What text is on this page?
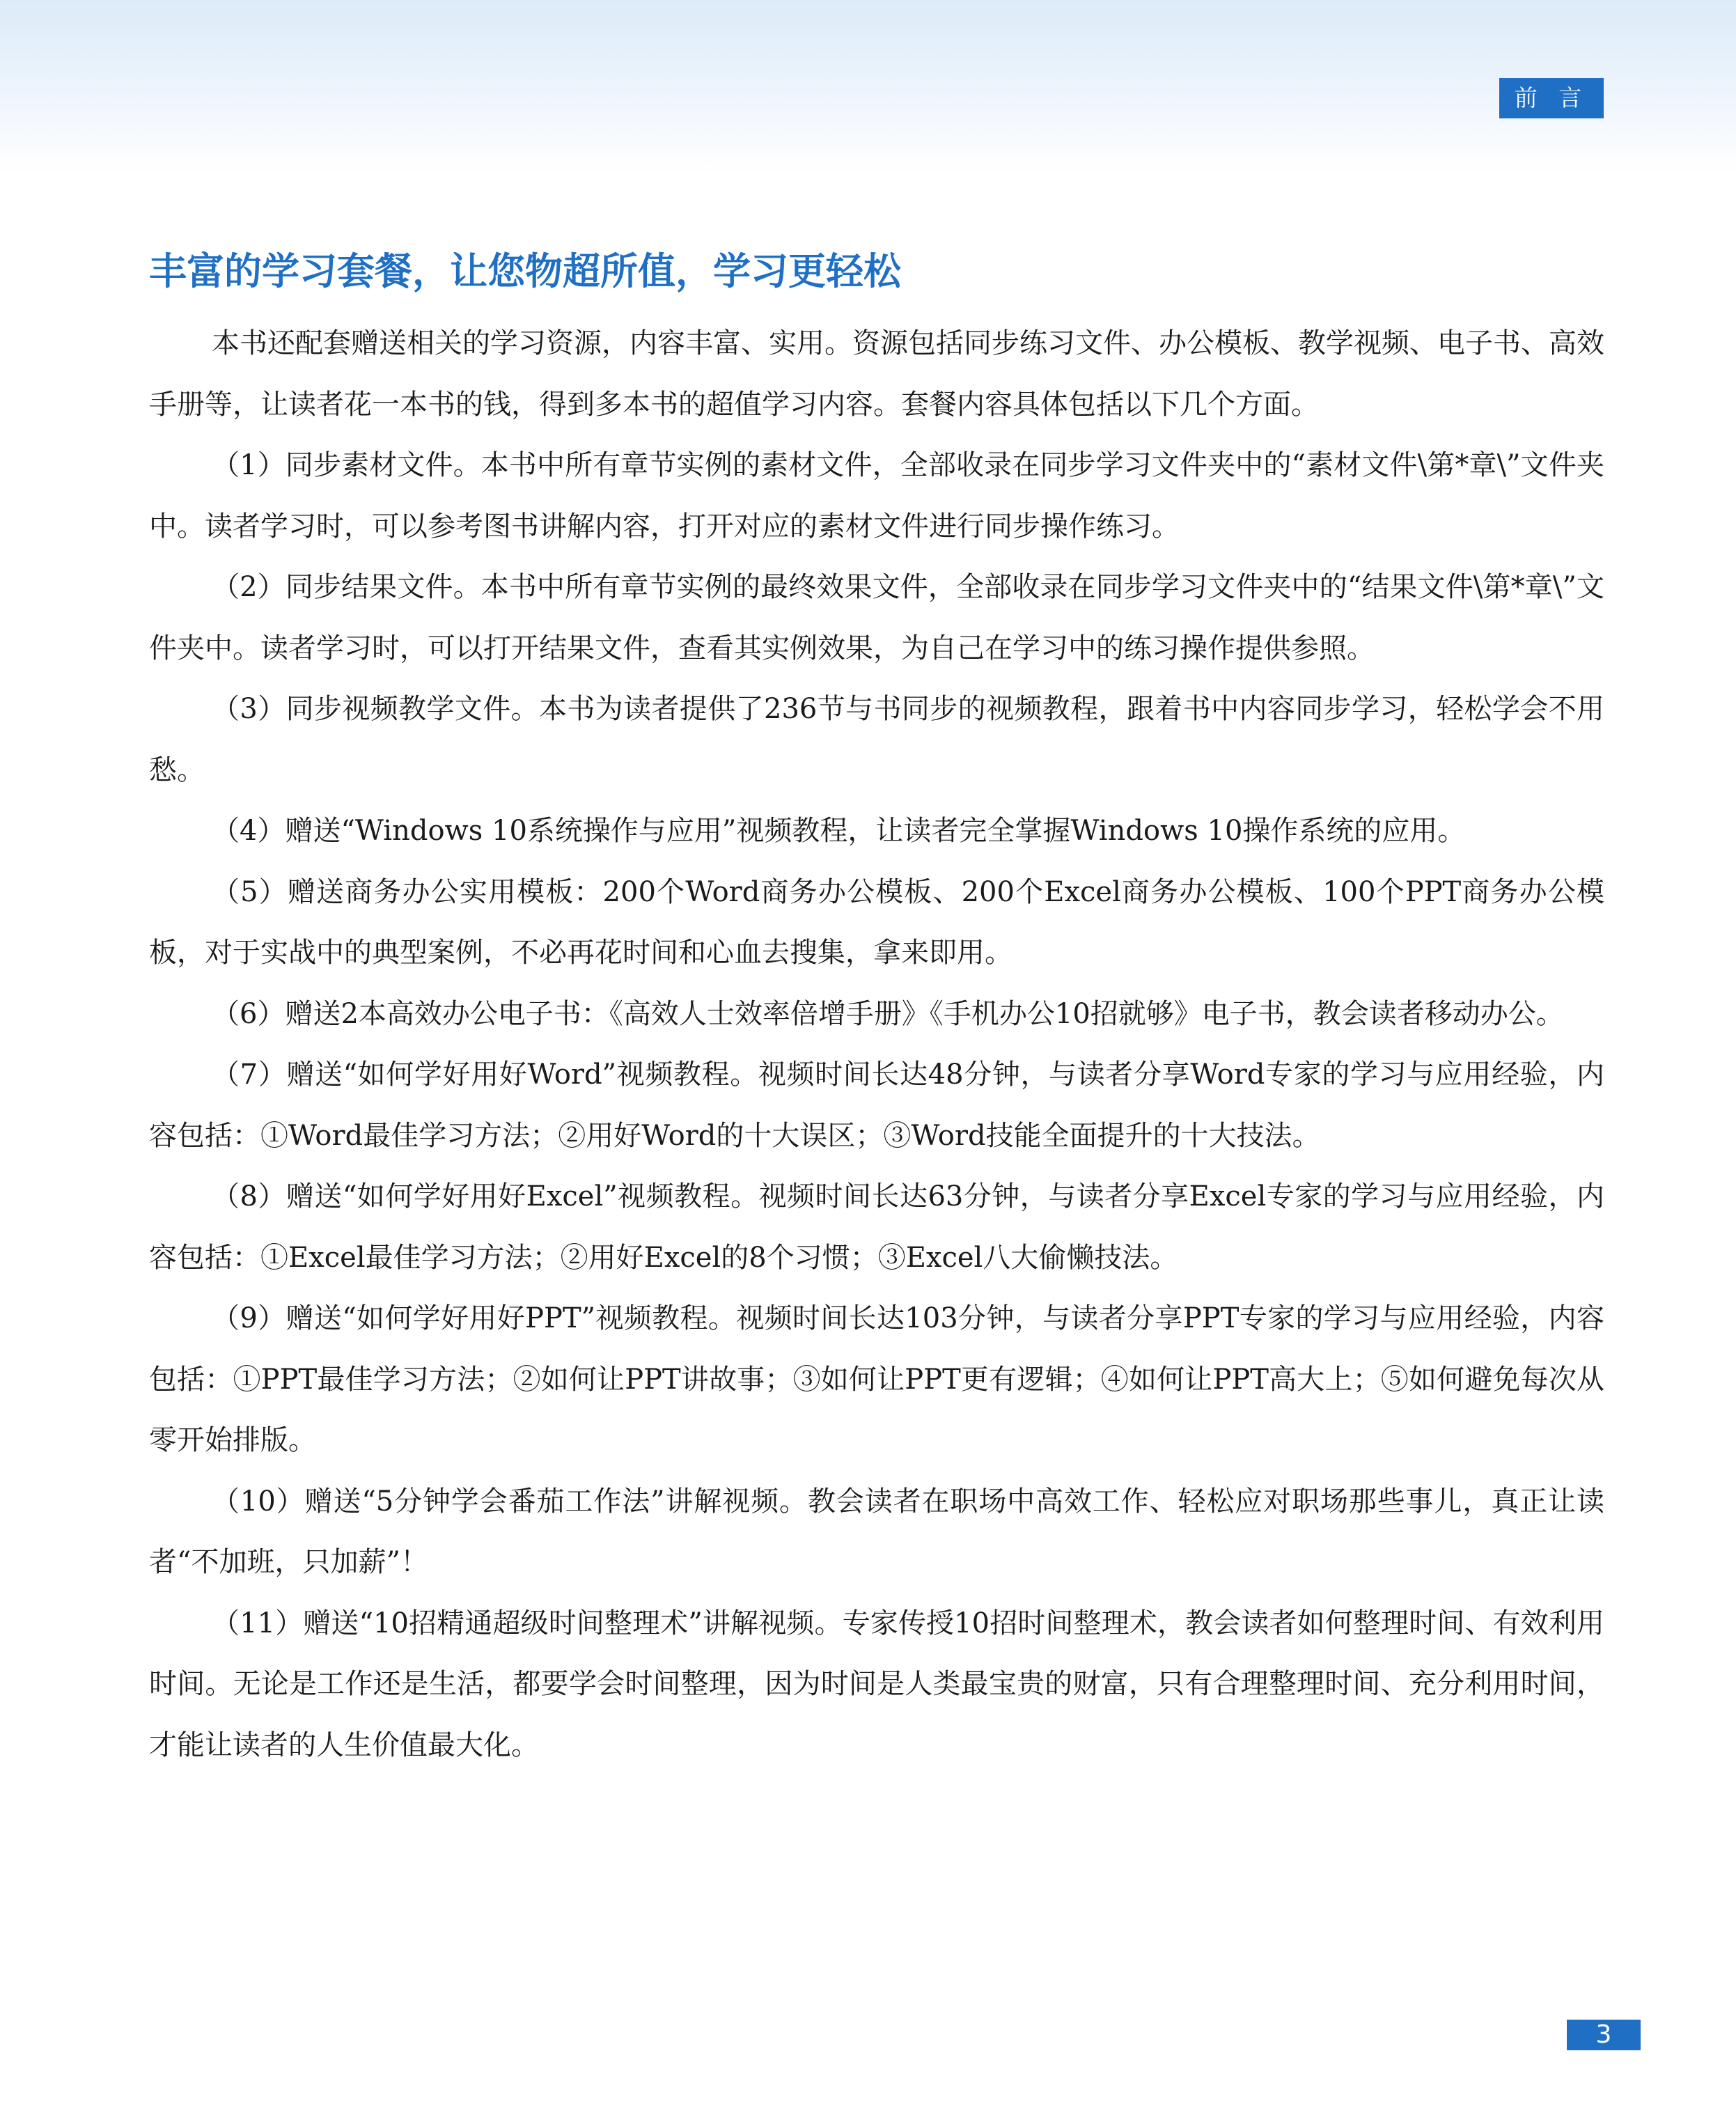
前 言
丰富的学习套餐，让您物超所值，学习更轻松

本书还配套赠送相关的学习资源，内容丰富、实用。资源包括同步练习文件、办公模板、教学视频、电子书、高效手册等，让读者花一本书的钱，得到多本书的超值学习内容。套餐内容具体包括以下几个方面。

（1）同步素材文件。本书中所有章节实例的素材文件，全部收录在同步学习文件夹中的“素材文件\第*章\”文件夹中。读者学习时，可以参考图书讲解内容，打开对应的素材文件进行同步操作练习。

（2）同步结果文件。本书中所有章节实例的最终效果文件，全部收录在同步学习文件夹中的“结果文件\第*章\”文件夹中。读者学习时，可以打开结果文件，查看其实例效果，为自己在学习中的练习操作提供参照。

（3）同步视频教学文件。本书为读者提供了236节与书同步的视频教程，跟着书中内容同步学习，轻松学会不用愁。

（4）赠送“Windows 10系统操作与应用”视频教程，让读者完全掌握Windows 10操作系统的应用。

（5）赠送商务办公实用模板：200个Word商务办公模板、200个Excel商务办公模板、100个PPT商务办公模板，对于实战中的典型案例，不必再花时间和心血去搜集，拿来即用。

（6）赠送2本高效办公电子书：《高效人士效率倍增手册》《手机办公10招就够》电子书，教会读者移动办公。

（7）赠送“如何学好用好Word”视频教程。视频时间长达48分钟，与读者分享Word专家的学习与应用经验，内容包括：①Word最佳学习方法；②用好Word的十大误区；③Word技能全面提升的十大技法。

（8）赠送“如何学好用好Excel”视频教程。视频时间长达63分钟，与读者分享Excel专家的学习与应用经验，内容包括：①Excel最佳学习方法；②用好Excel的8个习惯；③Excel八大偷懒技法。

（9）赠送“如何学好用好PPT”视频教程。视频时间长达103分钟，与读者分享PPT专家的学习与应用经验，内容包括：①PPT最佳学习方法；②如何让PPT讲故事；③如何让PPT更有逻辑；④如何让PPT高大上；⑤如何避免每次从零开始排版。

（10）赠送“5分钟学会番茄工作法”讲解视频。教会读者在职场中高效工作、轻松应对职场那些事儿，真正让读者“不加班，只加薪”！

（11）赠送“10招精通超级时间整理术”讲解视频。专家传授10招时间整理术，教会读者如何整理时间、有效利用时间。无论是工作还是生活，都要学会时间整理，因为时间是人类最宝贵的财富，只有合理整理时间、充分利用时间，才能让读者的人生价值最大化。

3
